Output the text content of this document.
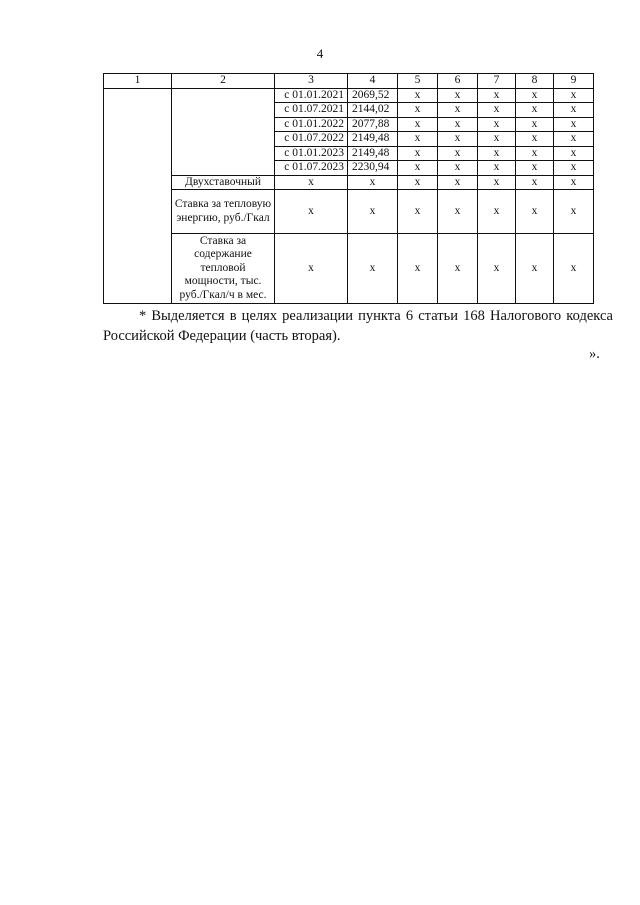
4
1	2	3	4	5	6	7	8	9
		с 01.01.2021	2069,52	х	х	х	х	х
		с 01.07.2021	2144,02	х	х	х	х	х
		с 01.01.2022	2077,88	х	х	х	х	х
		с 01.07.2022	2149,48	х	х	х	х	х
		с 01.01.2023	2149,48	х	х	х	х	х
		с 01.07.2023	2230,94	х	х	х	х	х
	Двухставочный	х	х	х	х	х	х	х
	Ставка за тепловую энергию, руб./Гкал	х	х	х	х	х	х	х
	Ставка за содержание тепловой мощности, тыс. руб./Гкал/ч в мес.	х	х	х	х	х	х	х
* Выделяется в целях реализации пункта 6 статьи 168 Налогового кодекса Российской Федерации (часть вторая).
».
